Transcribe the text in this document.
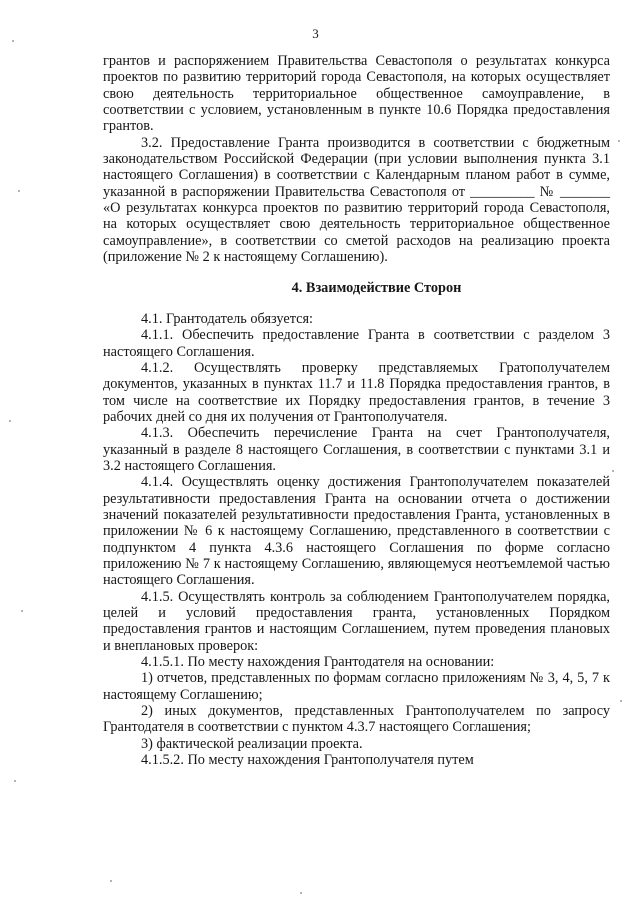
3

грантов и распоряжением Правительства Севастополя о результатах конкурса проектов по развитию территорий города Севастополя, на которых осуществляет свою деятельность территориальное общественное самоуправление, в соответствии с условием, установленным в пункте 10.6 Порядка предоставления грантов.

3.2. Предоставление Гранта производится в соответствии с бюджетным законодательством Российской Федерации (при условии выполнения пункта 3.1 настоящего Соглашения) в соответствии с Календарным планом работ в сумме, указанной в распоряжении Правительства Севастополя от _________ № _______ «О результатах конкурса проектов по развитию территорий города Севастополя, на которых осуществляет свою деятельность территориальное общественное самоуправление», в соответствии со сметой расходов на реализацию проекта (приложение № 2 к настоящему Соглашению).

4. Взаимодействие Сторон

4.1. Грантодатель обязуется:

4.1.1. Обеспечить предоставление Гранта в соответствии с разделом 3 настоящего Соглашения.

4.1.2. Осуществлять проверку представляемых Гратополучателем документов, указанных в пунктах 11.7 и 11.8 Порядка предоставления грантов, в том числе на соответствие их Порядку предоставления грантов, в течение 3 рабочих дней со дня их получения от Грантополучателя.

4.1.3. Обеспечить перечисление Гранта на счет Грантополучателя, указанный в разделе 8 настоящего Соглашения, в соответствии с пунктами 3.1 и 3.2 настоящего Соглашения.

4.1.4. Осуществлять оценку достижения Грантополучателем показателей результативности предоставления Гранта на основании отчета о достижении значений показателей результативности предоставления Гранта, установленных в приложении № 6 к настоящему Соглашению, представленного в соответствии с подпунктом 4 пункта 4.3.6 настоящего Соглашения по форме согласно приложению № 7 к настоящему Соглашению, являющемуся неотъемлемой частью настоящего Соглашения.

4.1.5. Осуществлять контроль за соблюдением Грантополучателем порядка, целей и условий предоставления гранта, установленных Порядком предоставления грантов и настоящим Соглашением, путем проведения плановых и внеплановых проверок:

4.1.5.1. По месту нахождения Грантодателя на основании:

1) отчетов, представленных по формам согласно приложениям № 3, 4, 5, 7 к настоящему Соглашению;

2) иных документов, представленных Грантополучателем по запросу Грантодателя в соответствии с пунктом 4.3.7 настоящего Соглашения;

3) фактической реализации проекта.

4.1.5.2. По месту нахождения Грантополучателя путем
